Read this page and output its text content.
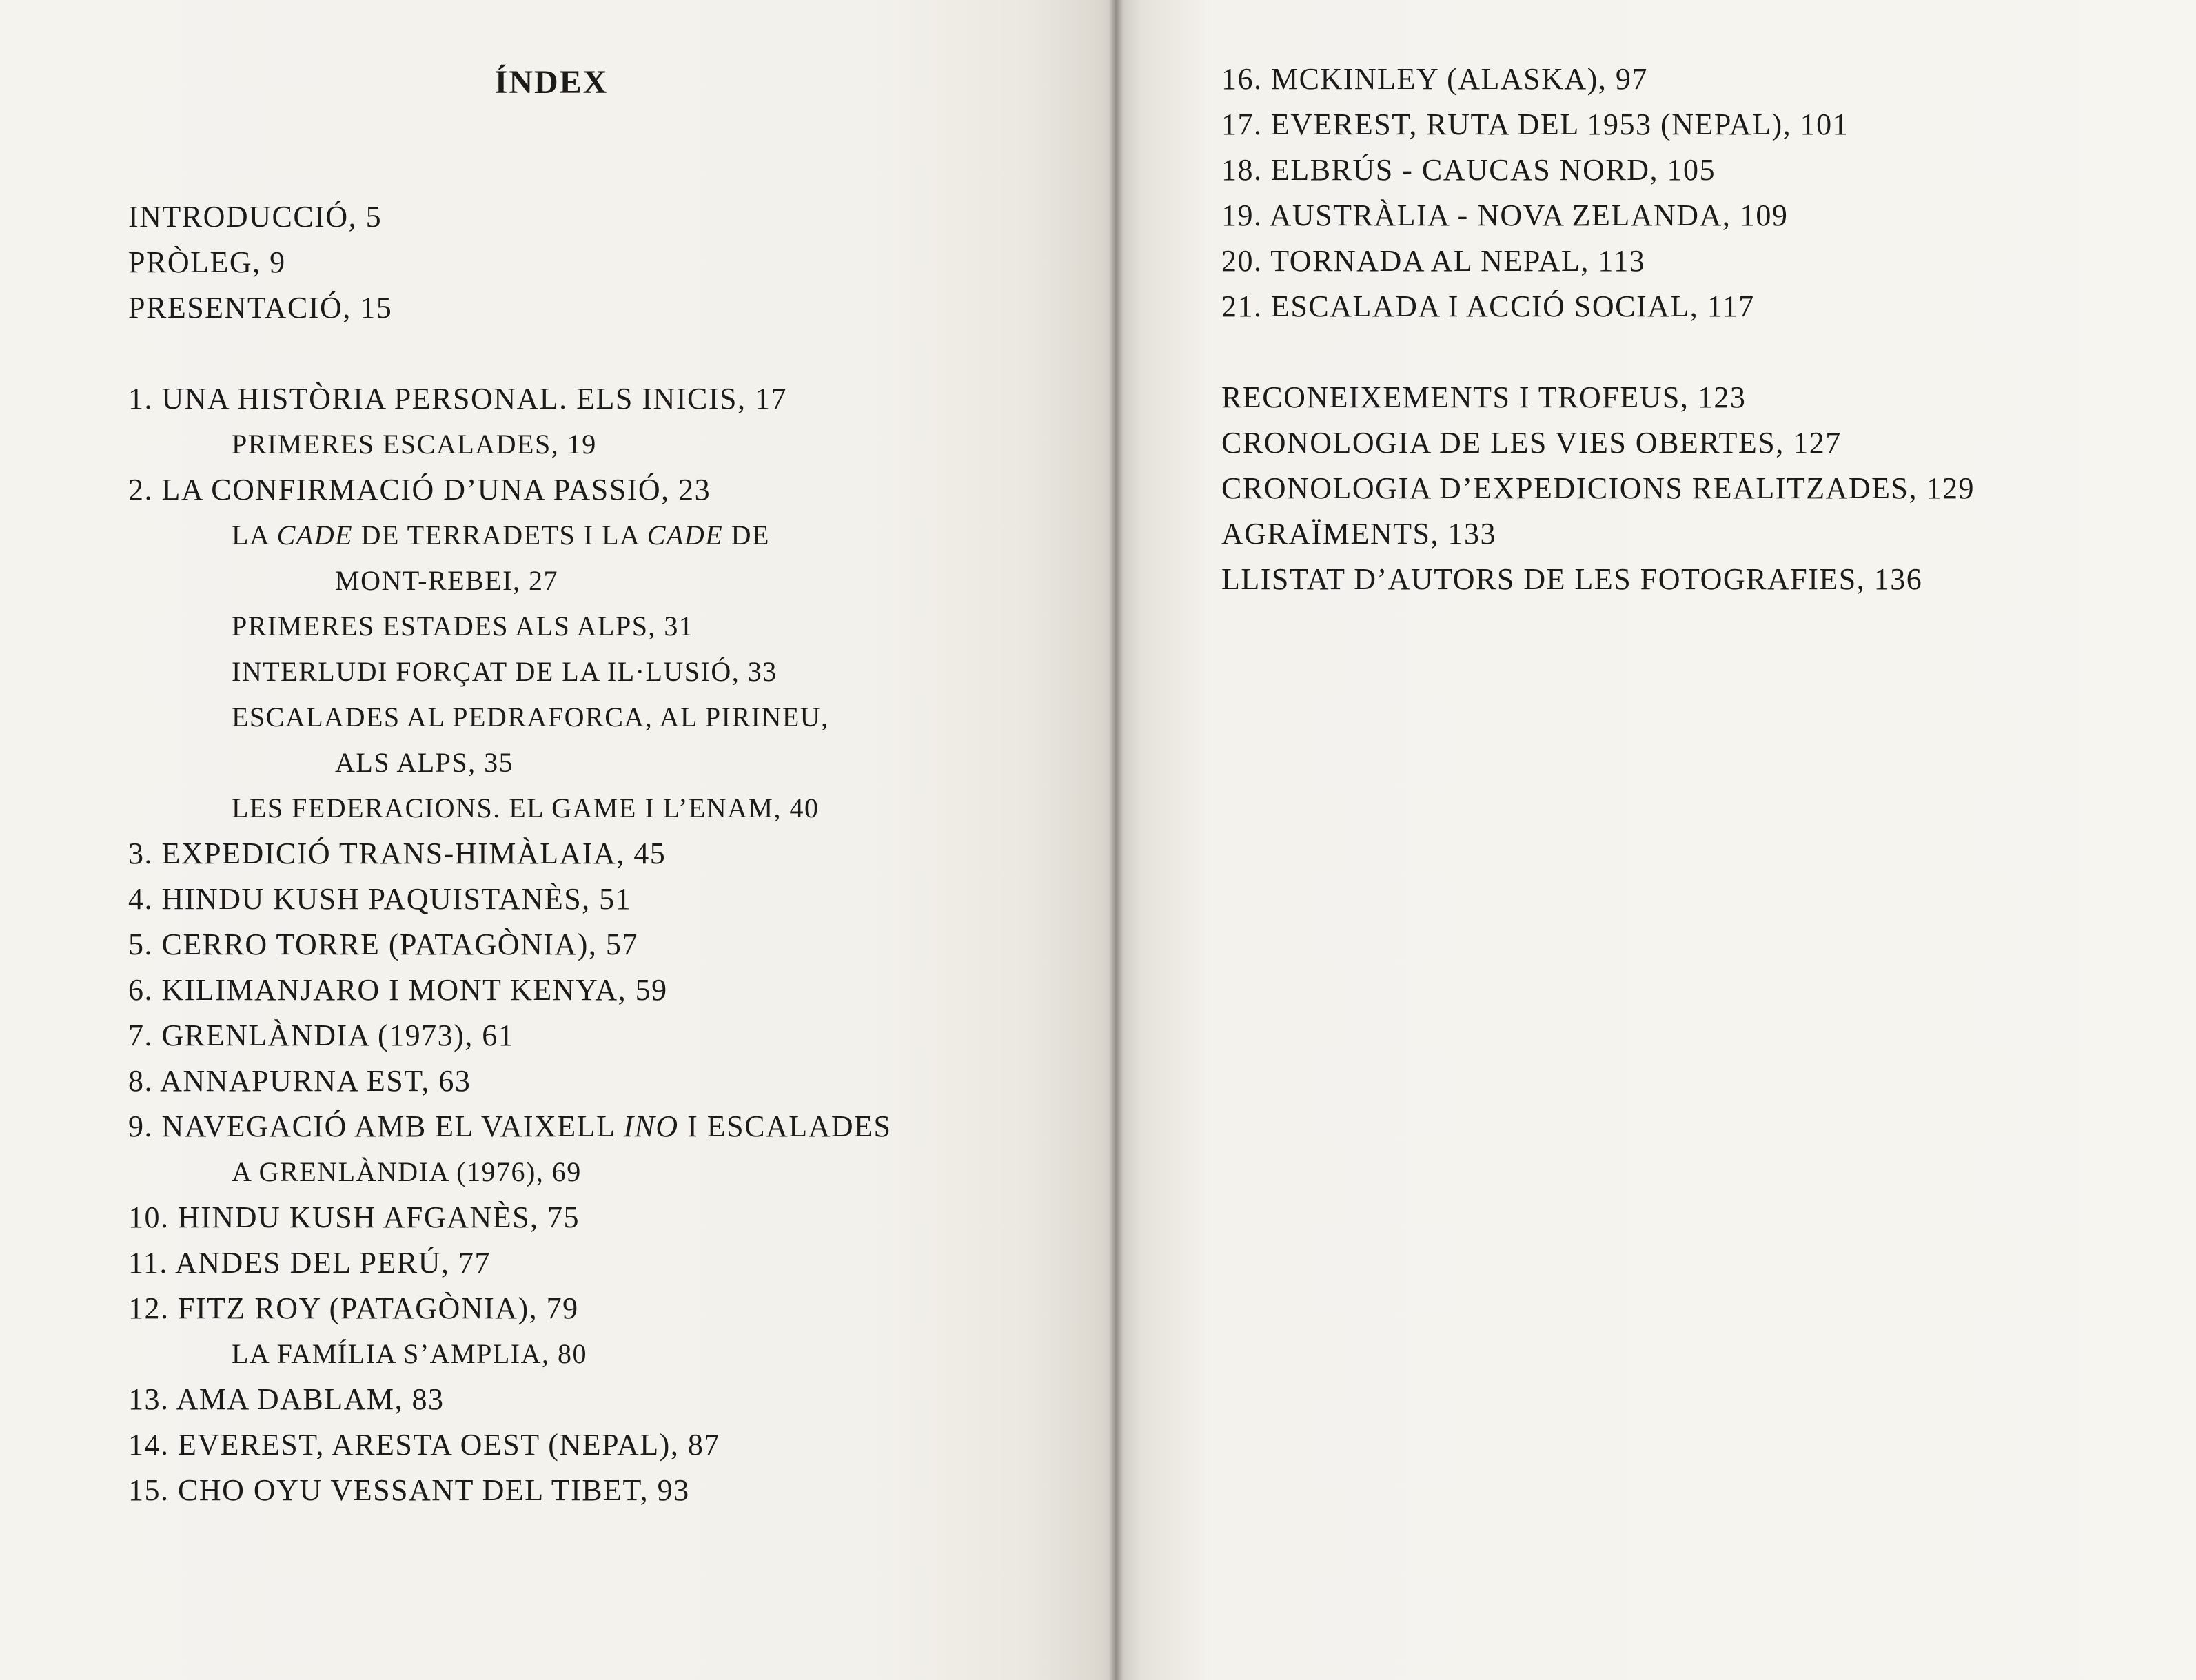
ÍNDEX
INTRODUCCIÓ, 5
PRÒLEG, 9
PRESENTACIÓ, 15
1. UNA HISTÒRIA PERSONAL. ELS INICIS, 17
PRIMERES ESCALADES, 19
2. LA CONFIRMACIÓ D’UNA PASSIÓ, 23
LA CADE DE TERRADETS I LA CADE DE
MONT-REBEI, 27
PRIMERES ESTADES ALS ALPS, 31
INTERLUDI FORÇAT DE LA IL·LUSIÓ, 33
ESCALADES AL PEDRAFORCA, AL PIRINEU,
ALS ALPS, 35
LES FEDERACIONS. EL GAME I L’ENAM, 40
3. EXPEDICIÓ TRANS-HIMÀLAIA, 45
4. HINDU KUSH PAQUISTANÈS, 51
5. CERRO TORRE (PATAGÒNIA), 57
6. KILIMANJARO I MONT KENYA, 59
7. GRENLÀNDIA (1973), 61
8. ANNAPURNA EST, 63
9. NAVEGACIÓ AMB EL VAIXELL INO I ESCALADES
A GRENLÀNDIA (1976), 69
10. HINDU KUSH AFGANÈS, 75
11. ANDES DEL PERÚ, 77
12. FITZ ROY (PATAGÒNIA), 79
LA FAMÍLIA S’AMPLIA, 80
13. AMA DABLAM, 83
14. EVEREST, ARESTA OEST (NEPAL), 87
15. CHO OYU VESSANT DEL TIBET, 93
16. MCKINLEY (ALASKA), 97
17. EVEREST, RUTA DEL 1953 (NEPAL), 101
18. ELBRÚS - CAUCAS NORD, 105
19. AUSTRÀLIA - NOVA ZELANDA, 109
20. TORNADA AL NEPAL, 113
21. ESCALADA I ACCIÓ SOCIAL, 117
RECONEIXEMENTS I TROFEUS, 123
CRONOLOGIA DE LES VIES OBERTES, 127
CRONOLOGIA D’EXPEDICIONS REALITZADES, 129
AGRAÏMENTS, 133
LLISTAT D’AUTORS DE LES FOTOGRAFIES, 136
